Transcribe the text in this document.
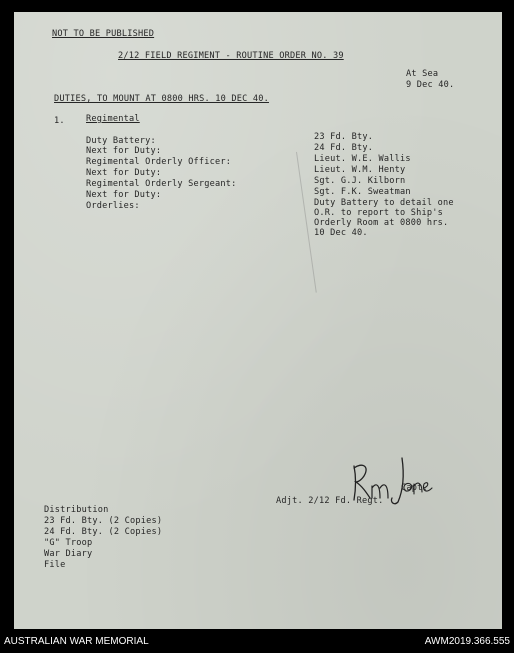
NOT TO BE PUBLISHED
2/12 FIELD REGIMENT - ROUTINE ORDER NO. 39
At Sea
9 Dec 40.
DUTIES, TO MOUNT AT 0800 HRS. 10 DEC 40.
1. Regimental
Duty Battery:	23 Fd. Bty.
Next for Duty:	24 Fd. Bty.
Regimental Orderly Officer:	Lieut. W.E. Wallis
Next for Duty:	Lieut. W.M. Henty
Regimental Orderly Sergeant:	Sgt. G.J. Kilborn
Next for Duty:	Sgt. F.K. Sweatman
Orderlies:	Duty Battery to detail one
O.R. to report to Ship's
Orderly Room at 0800 hrs.
10 Dec 40.
Capt.
Adjt. 2/12 Fd. Regt.
Distribution
23 Fd. Bty. (2 Copies)
24 Fd. Bty. (2 Copies)
"G" Troop
War Diary
File
AUSTRALIAN WAR MEMORIAL	AWM2019.366.555
